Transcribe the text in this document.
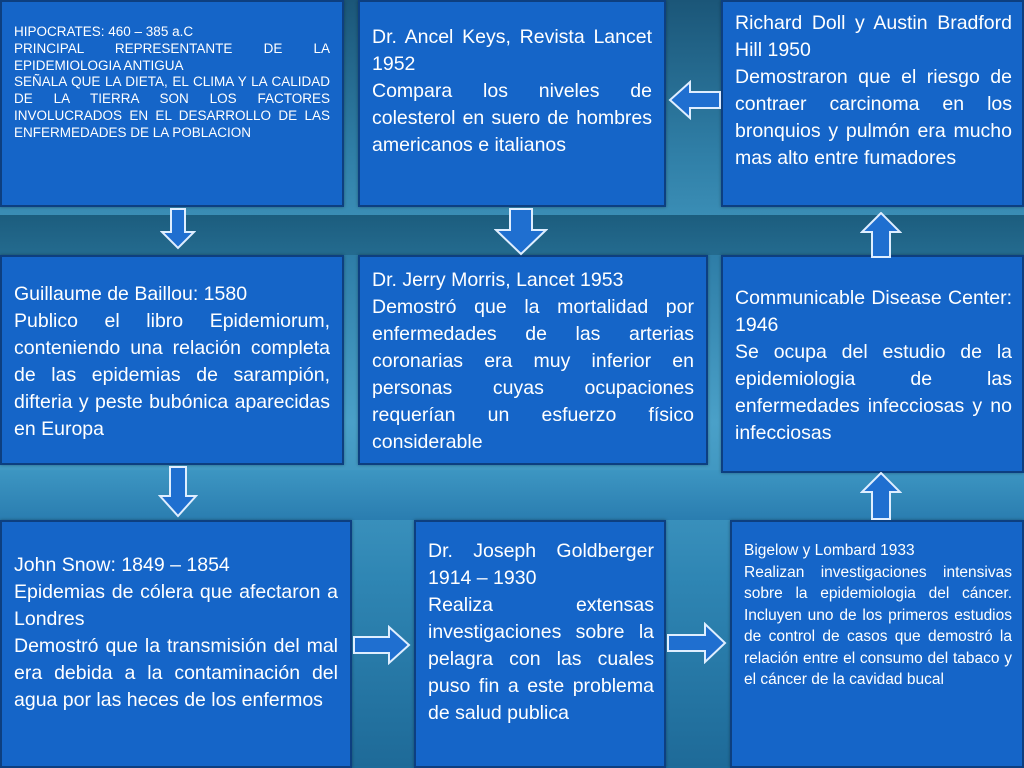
HIPOCRATES: 460 – 385 a.C

PRINCIPAL REPRESENTANTE DE LA EPIDEMIOLOGIA ANTIGUA

SEÑALA QUE LA DIETA, EL CLIMA Y LA CALIDAD DE LA TIERRA SON LOS FACTORES INVOLUCRADOS EN EL DESARROLLO DE LAS ENFERMEDADES DE LA POBLACION

Dr. Ancel Keys, Revista Lancet 1952

Compara los niveles de colesterol en suero de hombres americanos e italianos

Richard Doll y Austin Bradford Hill 1950

Demostraron que el riesgo de contraer carcinoma en los bronquios y pulmón era mucho mas alto entre fumadores

Guillaume de Baillou: 1580

Publico el libro Epidemiorum, conteniendo una relación completa de las epidemias de sarampión, difteria y peste bubónica aparecidas en Europa

Dr. Jerry Morris, Lancet 1953

Demostró que la mortalidad por enfermedades de las arterias coronarias era muy inferior en personas cuyas ocupaciones requerían un esfuerzo físico considerable

Communicable Disease Center: 1946

Se ocupa del estudio de la epidemiologia de las enfermedades infecciosas y no infecciosas

John Snow: 1849 – 1854

Epidemias de cólera que afectaron a Londres

Demostró que la transmisión del mal era debida a la contaminación del agua por las heces de los enfermos

Dr. Joseph Goldberger 1914 – 1930

Realiza extensas investigaciones sobre la pelagra con las cuales puso fin a este problema de salud publica

Bigelow y Lombard 1933

Realizan investigaciones intensivas sobre la epidemiologia del cáncer. Incluyen uno de los primeros estudios de control de casos que demostró la relación entre el consumo del tabaco y el cáncer de la cavidad bucal
